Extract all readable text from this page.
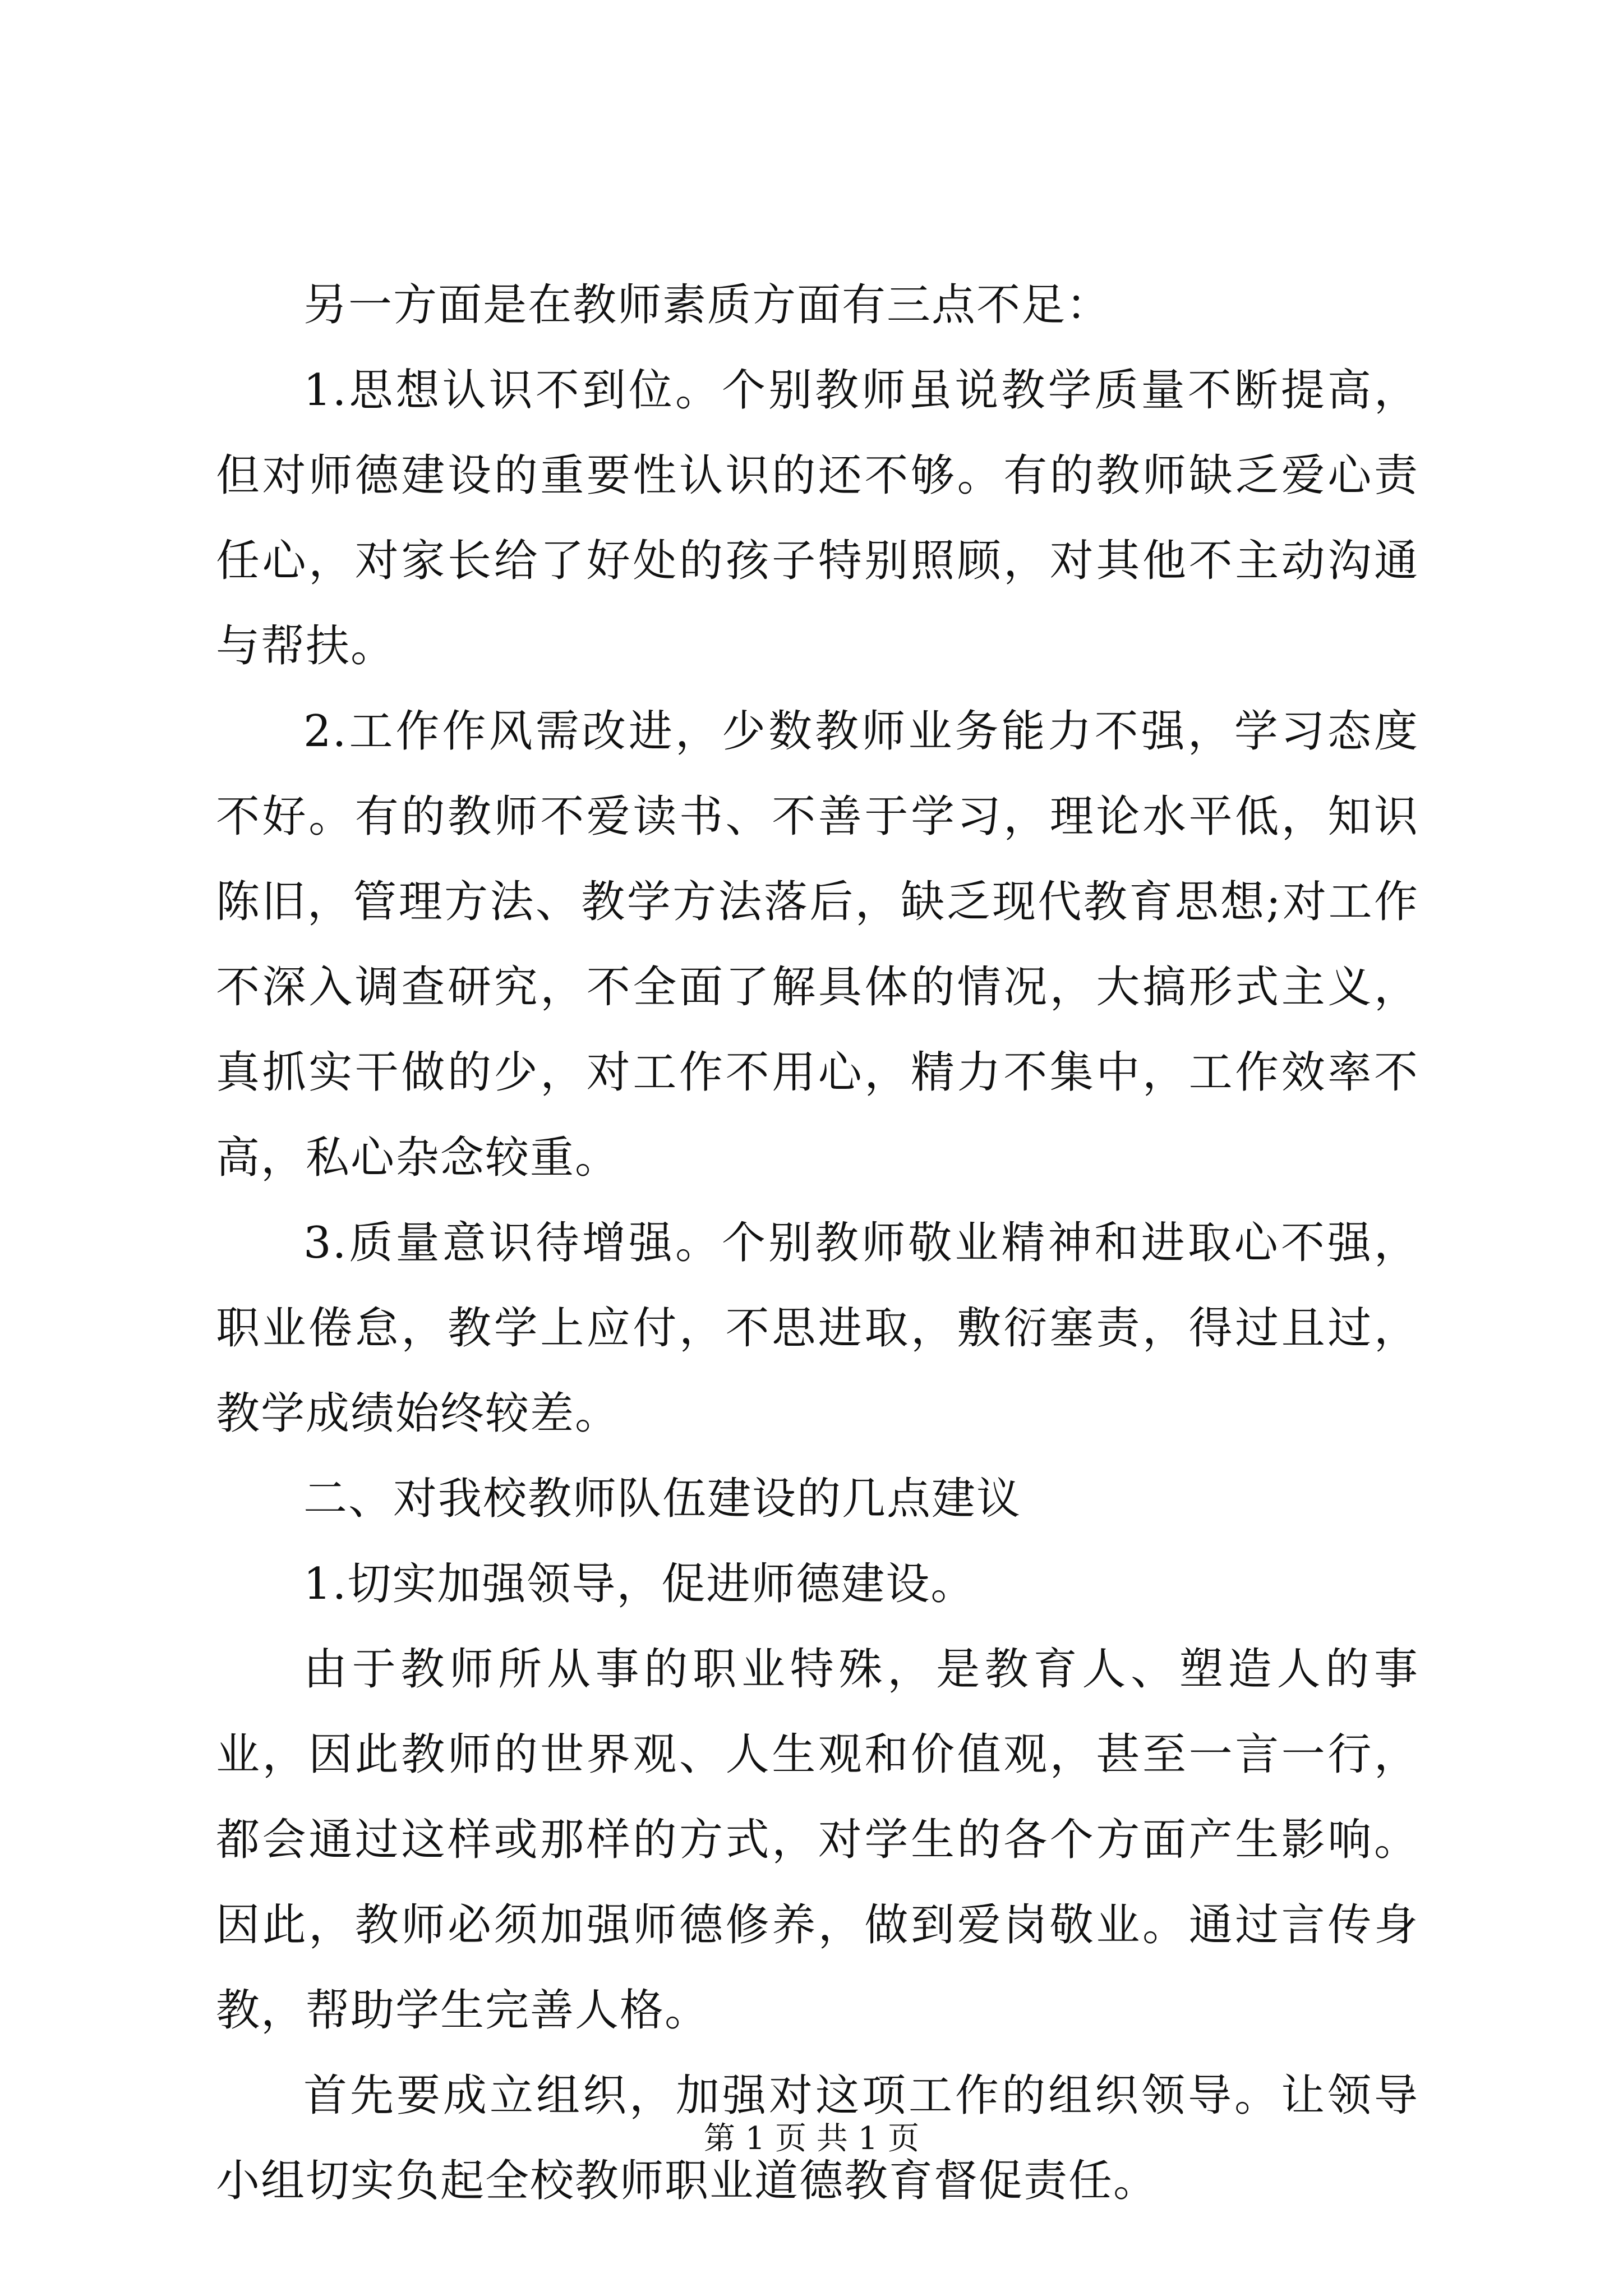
另一方面是在教师素质方面有三点不足：

1.思想认识不到位。个别教师虽说教学质量不断提高，但对师德建设的重要性认识的还不够。有的教师缺乏爱心责任心，对家长给了好处的孩子特别照顾，对其他不主动沟通与帮扶。

2.工作作风需改进，少数教师业务能力不强，学习态度不好。有的教师不爱读书、不善于学习，理论水平低，知识陈旧，管理方法、教学方法落后，缺乏现代教育思想;对工作不深入调查研究，不全面了解具体的情况，大搞形式主义，真抓实干做的少，对工作不用心，精力不集中，工作效率不高，私心杂念较重。

3.质量意识待增强。个别教师敬业精神和进取心不强，职业倦怠，教学上应付，不思进取，敷衍塞责，得过且过，教学成绩始终较差。

二、对我校教师队伍建设的几点建议

1.切实加强领导，促进师德建设。

由于教师所从事的职业特殊，是教育人、塑造人的事业，因此教师的世界观、人生观和价值观，甚至一言一行，都会通过这样或那样的方式，对学生的各个方面产生影响。因此，教师必须加强师德修养，做到爱岗敬业。通过言传身教，帮助学生完善人格。

首先要成立组织，加强对这项工作的组织领导。让领导小组切实负起全校教师职业道德教育督促责任。

第 1 页 共 1 页
